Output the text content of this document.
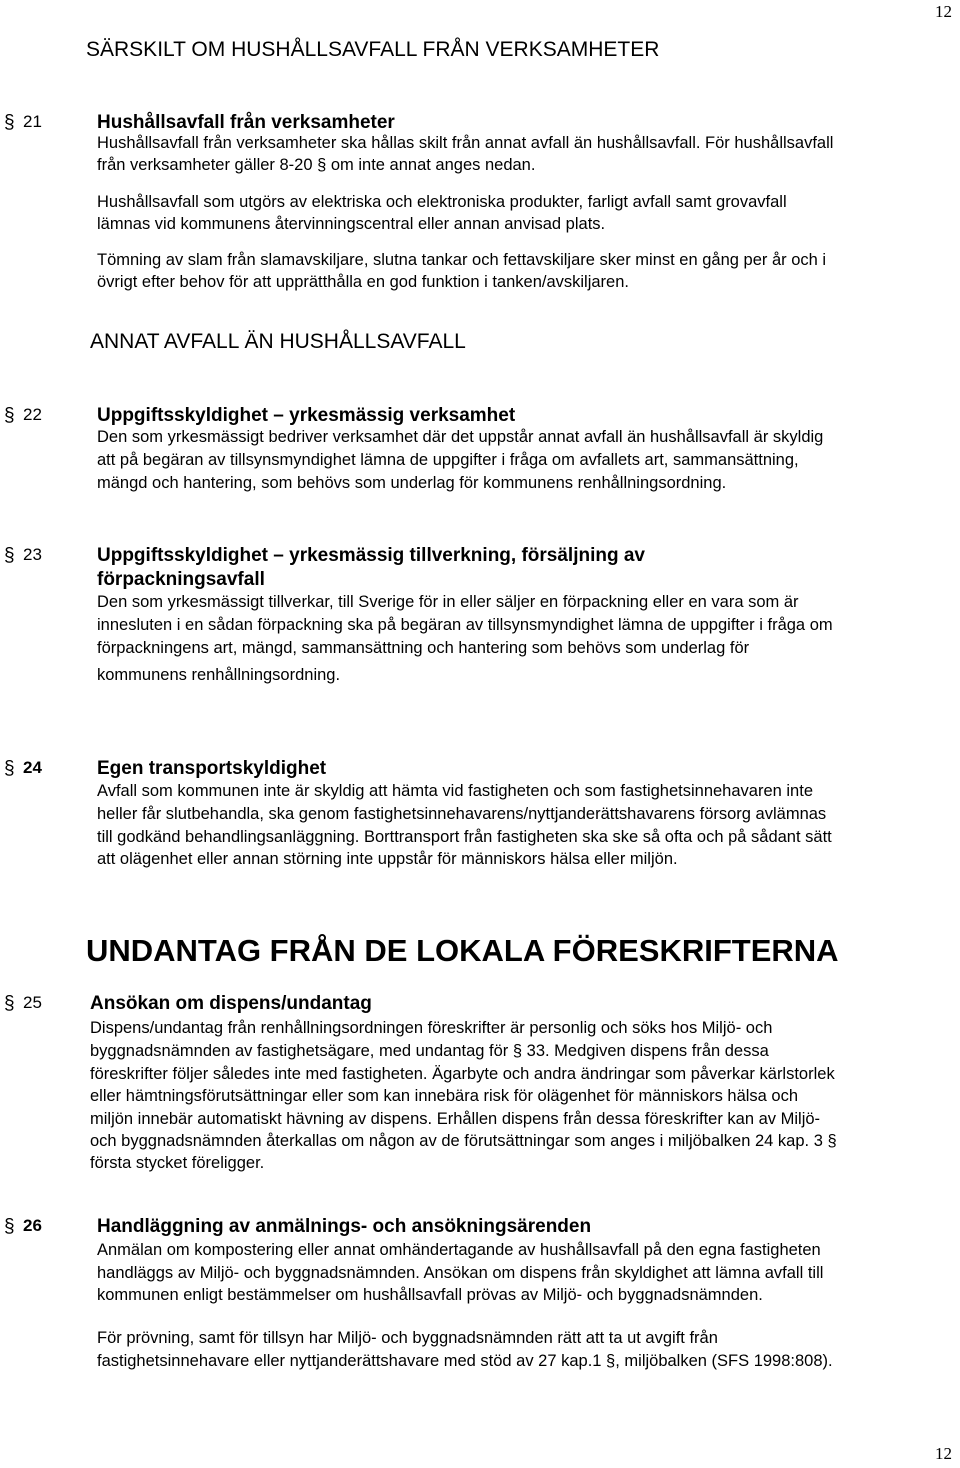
12
SÄRSKILT OM HUSHÅLLSAVFALL FRÅN VERKSAMHETER
§ 21	Hushållsavfall från verksamheter
Hushållsavfall från verksamheter ska hållas skilt från annat avfall än hushållsavfall. För hushållsavfall
från verksamheter gäller 8-20 § om inte annat anges nedan.
Hushållsavfall som utgörs av elektriska och elektroniska produkter, farligt avfall samt grovavfall
lämnas vid kommunens återvinningscentral eller annan anvisad plats.
Tömning av slam från slamavskiljare, slutna tankar och fettavskiljare sker minst en gång per år och i
övrigt efter behov för att upprätthålla en god funktion i tanken/avskiljaren.
ANNAT AVFALL ÄN HUSHÅLLSAVFALL
§ 22	Uppgiftsskyldighet – yrkesmässig verksamhet
Den som yrkesmässigt bedriver verksamhet där det uppstår annat avfall än hushållsavfall är skyldig
att på begäran av tillsynsmyndighet lämna de uppgifter i fråga om avfallets art, sammansättning,
mängd och hantering, som behövs som underlag för kommunens renhållningsordning.
§ 23	Uppgiftsskyldighet – yrkesmässig tillverkning, försäljning av
förpackningsavfall
Den som yrkesmässigt tillverkar, till Sverige för in eller säljer en förpackning eller en vara som är
innesluten i en sådan förpackning ska på begäran av tillsynsmyndighet lämna de uppgifter i fråga om
förpackningens art, mängd, sammansättning och hantering som behövs som underlag för
kommunens renhållningsordning.
§ 24	Egen transportskyldighet
Avfall som kommunen inte är skyldig att hämta vid fastigheten och som fastighetsinnehavaren inte
heller får slutbehandla, ska genom fastighetsinnehavarens/nyttjanderättshavarens försorg avlämnas
till godkänd behandlingsanläggning. Borttransport från fastigheten ska ske så ofta och på sådant sätt
att olägenhet eller annan störning inte uppstår för människors hälsa eller miljön.
UNDANTAG FRÅN DE LOKALA FÖRESKRIFTERNA
§ 25	Ansökan om dispens/undantag
Dispens/undantag från renhållningsordningen föreskrifter är personlig och söks hos Miljö- och
byggnadsnämnden av fastighetsägare, med undantag för § 33. Medgiven dispens från dessa
föreskrifter följer således inte med fastigheten. Ägarbyte och andra ändringar som påverkar kärlstorlek
eller hämtningsförutsättningar eller som kan innebära risk för olägenhet för människors hälsa och
miljön innebär automatiskt hävning av dispens. Erhållen dispens från dessa föreskrifter kan av Miljö-
och byggnadsnämnden återkallas om någon av de förutsättningar som anges i miljöbalken 24 kap. 3 §
första stycket föreligger.
§ 26	Handläggning av anmälnings- och ansökningsärenden
Anmälan om kompostering eller annat omhändertagande av hushållsavfall på den egna fastigheten
handläggs av Miljö- och byggnadsnämnden. Ansökan om dispens från skyldighet att lämna avfall till
kommunen enligt bestämmelser om hushållsavfall prövas av Miljö- och byggnadsnämnden.
För prövning, samt för tillsyn har Miljö- och byggnadsnämnden rätt att ta ut avgift från
fastighetsinnehavare eller nyttjanderättshavare med stöd av 27 kap.1 §, miljöbalken (SFS 1998:808).
12
